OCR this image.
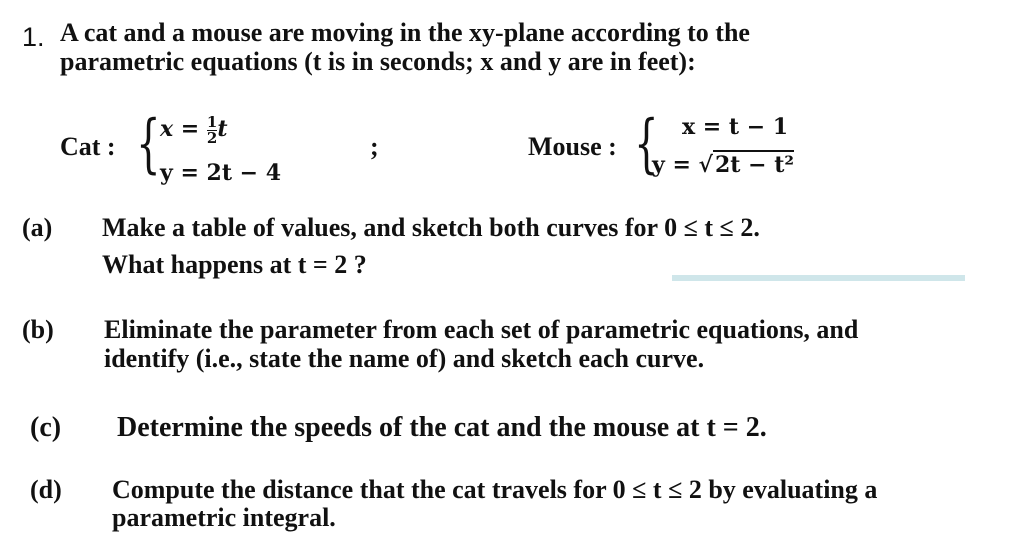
1. A cat and a mouse are moving in the xy-plane according to the
parametric equations (t is in seconds; x and y are in feet):
Cat : { $x = \frac{1}{2}$ t
y = 2t − 4
;	Mouse : { x = t − 1
y = √2t − t²
(a) Make a table of values, and sketch both curves for 0 ≤ t ≤ 2.
What happens at t = 2 ?
(b) Eliminate the parameter from each set of parametric equations, and
identify (i.e., state the name of) and sketch each curve.
(c) Determine the speeds of the cat and the mouse at t = 2.
(d) Compute the distance that the cat travels for 0 ≤ t ≤ 2 by evaluating a
parametric integral.
